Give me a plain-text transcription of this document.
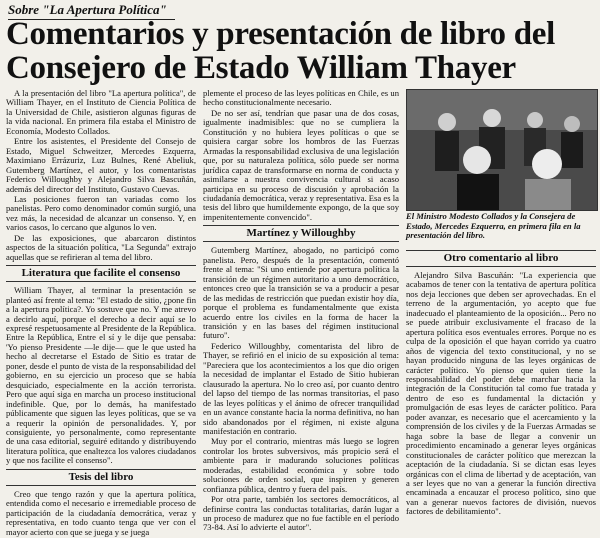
Sobre "La Apertura Política"
Comentarios y presentación de libro del Consejero de Estado William Thayer

A la presentación del libro "La apertura política", de William Thayer, en el Instituto de Ciencia Política de la Universidad de Chile, asistieron algunas figuras de la vida nacional. En primera fila estaba el Ministro de Economía, Modesto Collados.

Entre los asistentes, el Presidente del Consejo de Estado, Miguel Schweitzer, Mercedes Ezquerra, Maximiano Errázuriz, Luz Bulnes, René Abeliuk, Gutemberg Martínez, el autor, y los comentaristas Federico Willoughby y Alejandro Silva Bascuñán, además del director del Instituto, Gustavo Cuevas.

Las posiciones fueron tan variadas como los panelistas. Pero como denominador común surgió, una vez más, la necesidad de alcanzar un consenso. Y, en varios casos, lo cercano que algunos lo ven.

De las exposiciones, que abarcaron distintos aspectos de la situación política, "La Segunda" extrajo aquellas que se refirieran al tema del libro.

Literatura que facilite el consenso

William Thayer, al terminar la presentación se planteó así frente al tema: "El estado de sitio, ¿pone fin a la apertura política?. Yo sostuve que no. Y me atrevo a decirlo aquí, porque el derecho a decir aquí se lo expresé respetuosamente al Presidente de la República. Entre la República, Entre el sí y le dije que pensaba: 'Yo pienso Presidente —le dije— que le que usted ha hecho al decretarse el Estado de Sitio es tratar de poner, desde el punto de vista de la responsabilidad del gobierno, en su ejercicio un proceso que se había desquiciado, especialmente en la acción terrorista. Pero que aquí siga en marcha un proceso institucional indefinible. Que, por lo demás, ha manifestado públicamente que siguen las leyes políticas, que se va a requerir la opinión de personalidades. Y, por consiguiente, yo personalmente, como representante de una casa editorial, seguiré editando y distribuyendo literatura política, que enaltezca los valores ciudadanos y que nos facilite el consenso".

Tesis del libro

Creo que tengo razón y que la apertura política, entendida como el necesario e irremediable proceso de participación de la ciudadanía democrática, veraz y representativa, en todo cuanto tenga que ver con el mayor acierto con que se juega y se juega

plemente el proceso de las leyes políticas en Chile, es un hecho constitucionalmente necesario.

De no ser así, tendrían que pasar una de dos cosas, igualmente inadmisibles: que no se cumpliera la Constitución y no hubiera leyes políticas o que se quisiera cargar sobre los hombros de las Fuerzas Armadas la responsabilidad exclusiva de una legislación que, por su naturaleza política, sólo puede ser norma jurídica capaz de transformarse en norma de conducta y asimilarse a nuestra convivencia cultural si acaso participa en su proceso de discusión y aprobación la ciudadanía democrática, veraz y representativa. Esa es la tesis del libro que humildemente expongo, de la que soy impenitentemente convencido".

Martínez y Willoughby

Gutemberg Martínez, abogado, no participó como panelista. Pero, después de la presentación, comentó frente al tema: "Si uno entiende por apertura política la transición de un régimen autoritario a uno democrático, entonces creo que la transición se va a producir a pesar de las medidas de restricción que puedan existir hoy día, porque el problema es fundamentalmente que exista acuerdo entre los civiles en la forma de hacer la transición y en las bases del régimen institucional futuro".

Federico Willoughby, comentarista del libro de Thayer, se refirió en el inicio de su exposición al tema: "Pareciera que los acontecimientos a los que dio origen la necesidad de implantar el Estado de Sitio hubieran clausurado la apertura. No lo creo así, por cuanto dentro del lapso del tiempo de las normas transitorias, el paso de las leyes políticas y el ánimo de ofrecer tranquilidad en un avance constante hacia la norma definitiva, no han sido abandonados por el régimen, ni existe alguna manifestación en contrario.

Muy por el contrario, mientras más luego se logren controlar los brotes subversivos, más propicio será el ambiente para ir madurando soluciones políticas moderadas, estabilidad económica y sobre todo soluciones de orden social, que inspiren y generen confianza pública, dentro y fuera del país.

Por otra parte, también los sectores democráticos, al definirse contra las conductas totalitarias, darán lugar a un proceso de madurez que no fue factible en el período 73-84. Así lo advierte el autor".

El Ministro Modesto Collados y la Consejera de Estado, Mercedes Ezquerra, en primera fila en la presentación del libro.
Otro comentario al libro

Alejandro Silva Bascuñán: "La experiencia que acabamos de tener con la tentativa de apertura política nos deja lecciones que deben ser aprovechadas. En el terreno de la argumentación, yo acepto que fue inadecuado el planteamiento de la oposición... Pero no se puede atribuir exclusivamente el fracaso de la apertura política esos eventuales errores. Porque no es culpa de la oposición el que hayan corrido ya cuatro años de vigencia del texto constitucional, y no se hayan producido ninguna de las leyes orgánicas de carácter político. Yo pienso que quien tiene la responsabilidad del poder debe marchar hacia la integración de la Constitución tal como fue tratada y dentro de eso es fundamental la dictación y promulgación de esas leyes de carácter político. Para poder avanzar, es necesario que el acercamiento y la comprensión de los civiles y de la Fuerzas Armadas se haga sobre la base de llegar a convenir un procedimiento encaminado a generar leyes orgánicas constitucionales de carácter político que merezcan la aceptación de la ciudadanía. Si se dictan esas leyes orgánicas con el clima de libertad y de aceptación, van a ser leyes que no van a generar la función directiva encaminada a encauzar el proceso político, sino que van a generar nuevos factores de división, nuevos factores de debilitamiento".
